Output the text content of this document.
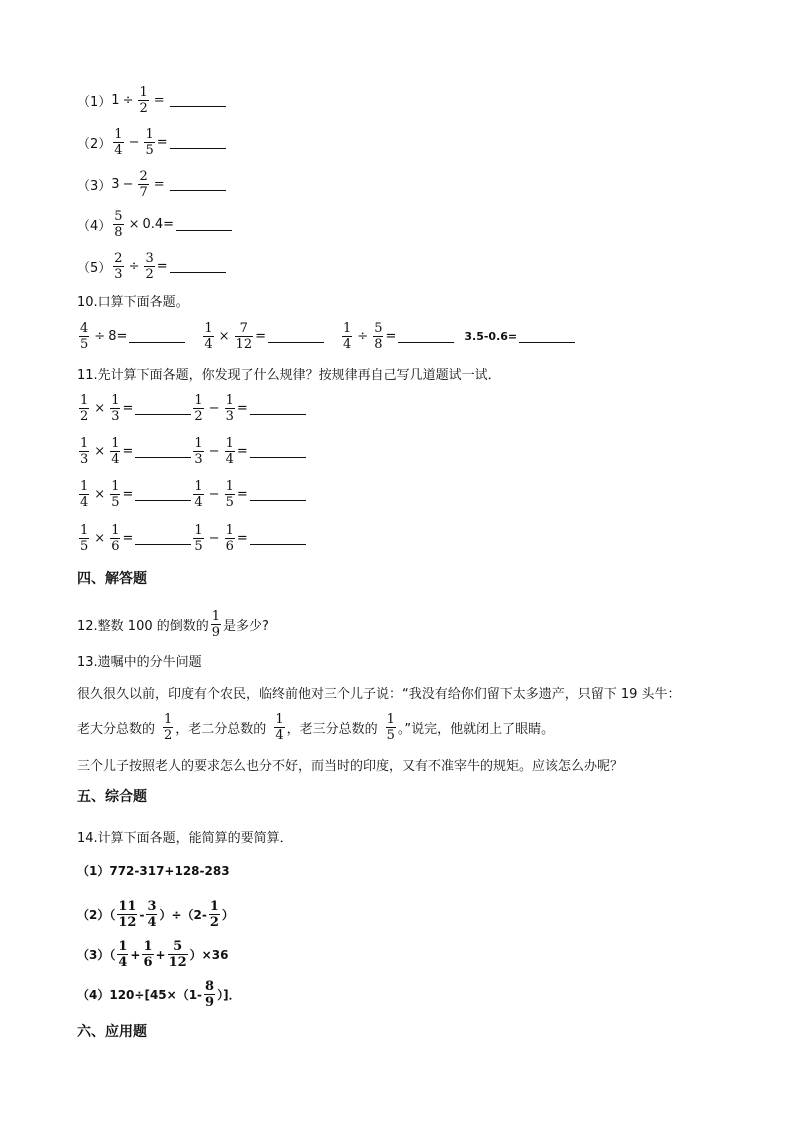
（1） $1 \div \frac{1}{2}$ =
$(2) \frac{1}{4} - \frac{1}{5}$ =
（3） $3 - \frac{2}{7}$ =
$(4) \frac{5}{8} \times 0.4=$
$(5) \frac{2}{3} \div \frac{3}{2}$ =
10.口算下面各题。
$\frac{4}{5} \div 8=$	$\frac{1}{4} \times \frac{7}{12}$ =	$\frac{1}{4} \div \frac{5}{8}$ =	3.5-0.6=
11.先计算下面各题，你发现了什么规律？按规律再自己写几道题试一试．
$\frac{1}{2} \times \frac{1}{3}$ =	$\frac{1}{2} - \frac{1}{3}$ =
$\frac{1}{3} \times \frac{1}{4}$ =	$\frac{1}{3} - \frac{1}{4}$ =
$\frac{1}{4} \times \frac{1}{5}$ =	$\frac{1}{4} - \frac{1}{5}$ =
$\frac{1}{5} \times \frac{1}{6}$ =	$\frac{1}{5} - \frac{1}{6}$ =
四、解答题
12.整数 100 的倒数的 $\frac{1}{9}$ 是多少?
13.遗嘱中的分牛问题
很久很久以前，印度有个农民，临终前他对三个儿子说：“我没有给你们留下太多遗产，只留下 19 头牛：
老大分总数的 $\frac{1}{2}$ ，老二分总数的 $\frac{1}{4}$ ，老三分总数的 $\frac{1}{5}$ 。”说完，他就闭上了眼睛。
三个儿子按照老人的要求怎么也分不好，而当时的印度，又有不准宰牛的规矩。应该怎么办呢？
五、综合题
14.计算下面各题，能简算的要简算．
（1）772-317+128-283
$(2)( \frac{11}{12} - \frac{3}{4} )\div(2- \frac{1}{2}$ ）
$(3)( \frac{1}{4} + \frac{1}{6} + \frac{5}{12} )\times 36$
$(4)120\div[45\times(1- \frac{8}{9}$ ）]．
六、应用题
